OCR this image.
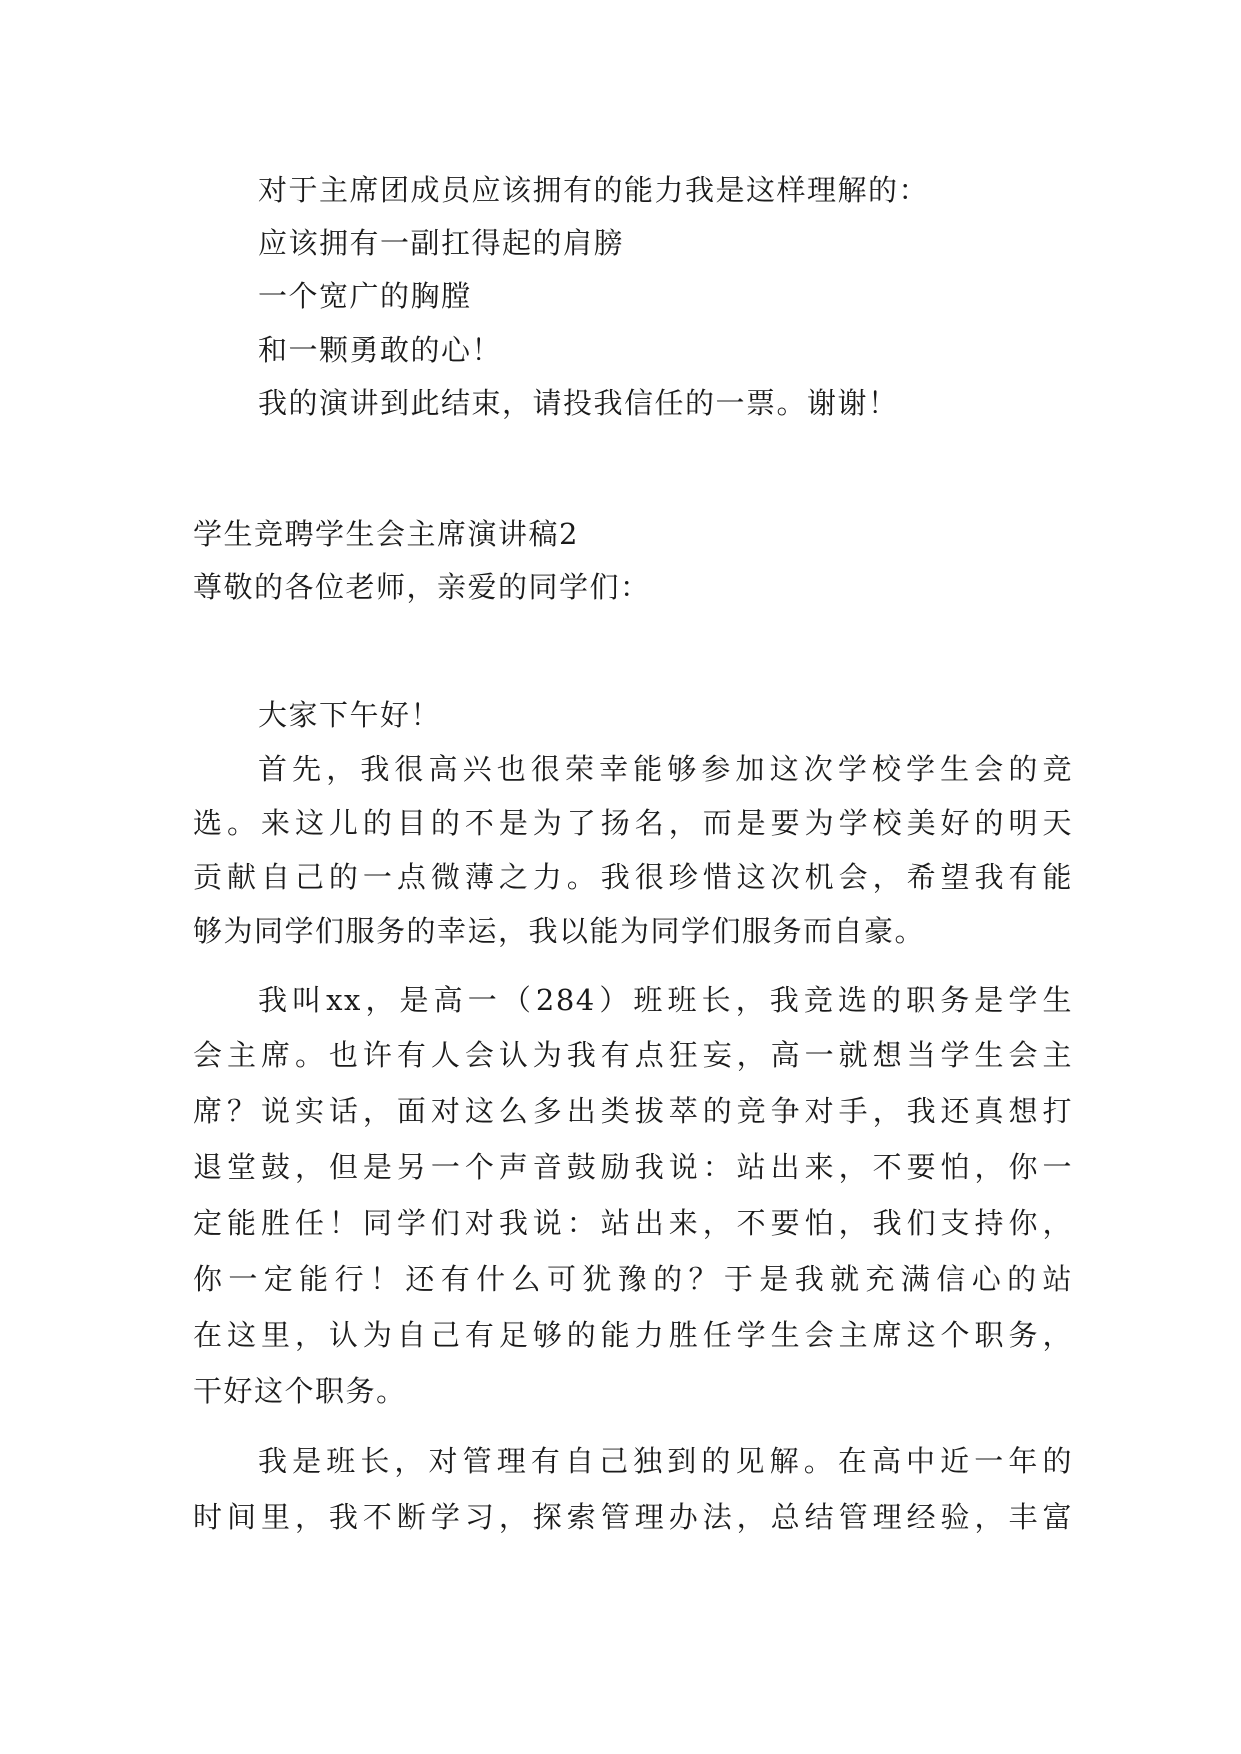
对于主席团成员应该拥有的能力我是这样理解的：
应该拥有一副扛得起的肩膀
一个宽广的胸膛
和一颗勇敢的心！
我的演讲到此结束，请投我信任的一票。谢谢！
学生竞聘学生会主席演讲稿2
尊敬的各位老师，亲爱的同学们：
大家下午好！
首先，我很高兴也很荣幸能够参加这次学校学生会的竞
选。来这儿的目的不是为了扬名，而是要为学校美好的明天
贡献自己的一点微薄之力。我很珍惜这次机会，希望我有能
够为同学们服务的幸运，我以能为同学们服务而自豪。
我叫xx，是高一（284）班班长，我竞选的职务是学生
会主席。也许有人会认为我有点狂妄，高一就想当学生会主
席？说实话，面对这么多出类拔萃的竞争对手，我还真想打
退堂鼓，但是另一个声音鼓励我说：站出来，不要怕，你一
定能胜任！同学们对我说：站出来，不要怕，我们支持你，
你一定能行！还有什么可犹豫的？于是我就充满信心的站
在这里，认为自己有足够的能力胜任学生会主席这个职务，
干好这个职务。
我是班长，对管理有自己独到的见解。在高中近一年的
时间里，我不断学习，探索管理办法，总结管理经验，丰富
